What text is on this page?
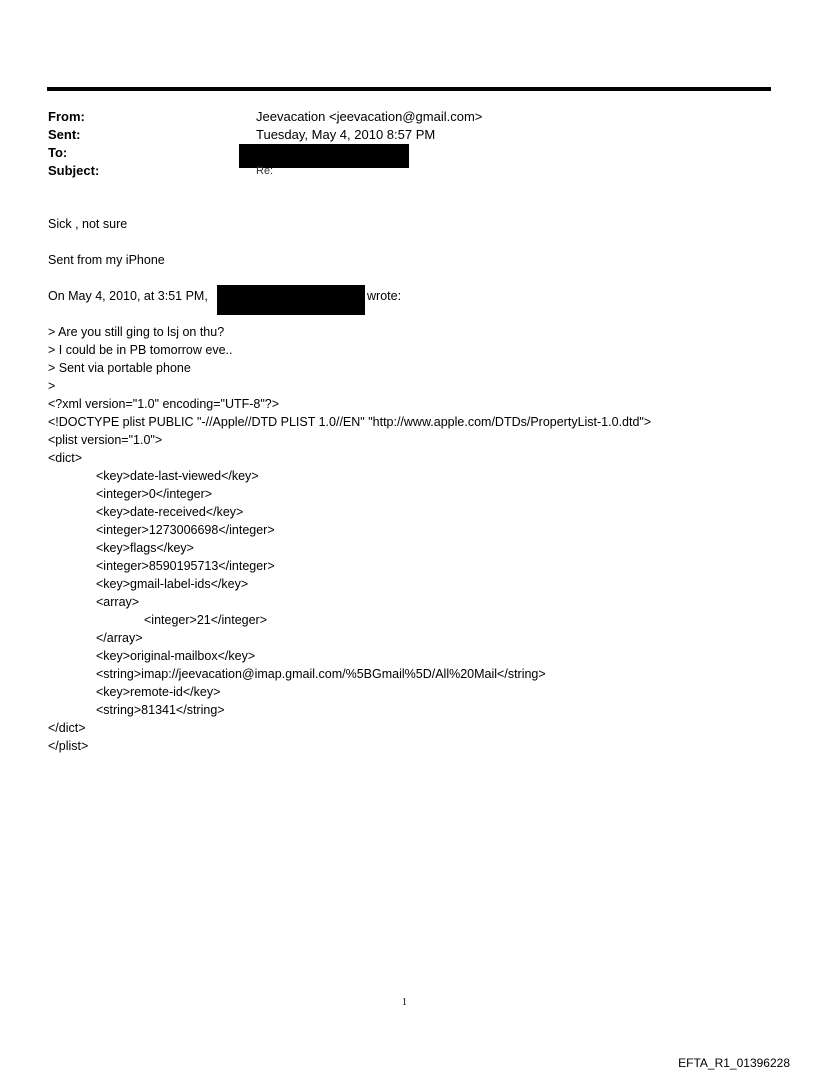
From:	Jeevacation <jeevacation@gmail.com>
Sent:	Tuesday, May 4, 2010 8:57 PM
To:
Subject:	Re:
Sick , not sure
Sent from my iPhone
On May 4, 2010, at 3:51 PM,	wrote:
> Are you still ging to lsj on thu?
> I could be in PB tomorrow eve..
> Sent via portable phone
>
<?xml version="1.0" encoding="UTF-8"?>
<!DOCTYPE plist PUBLIC "-//Apple//DTD PLIST 1.0//EN" "http://www.apple.com/DTDs/PropertyList-1.0.dtd">
<plist version="1.0">
<dict>
<key>date-last-viewed</key>
<integer>0</integer>
<key>date-received</key>
<integer>1273006698</integer>
<key>flags</key>
<integer>8590195713</integer>
<key>gmail-label-ids</key>
<array>
<integer>21</integer>
</array>
<key>original-mailbox</key>
<string>imap://jeevacation@imap.gmail.com/%5BGmail%5D/All%20Mail</string>
<key>remote-id</key>
<string>81341</string>
</dict>
</plist>
1
EFTA_R1_01396228
